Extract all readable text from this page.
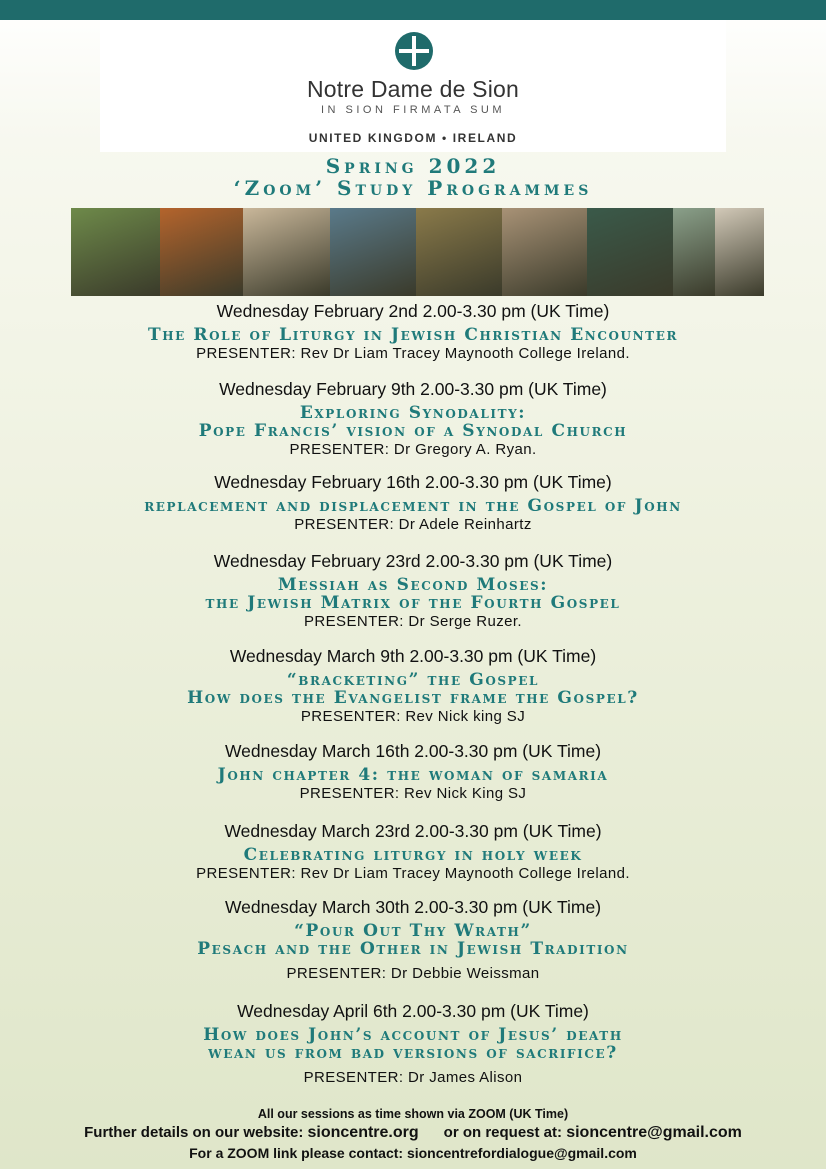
Notre Dame de Sion
IN SION FIRMATA SUM
UNITED KINGDOM • IRELAND
Spring 2022
‘Zoom’ Study Programmes
Wednesday February 2nd 2.00-3.30 pm (UK Time)
The Role of Liturgy in Jewish Christian Encounter
PRESENTER: Rev Dr Liam Tracey Maynooth College Ireland.
Wednesday February 9th 2.00-3.30 pm (UK Time)
Exploring Synodality:
Pope Francis’ vision of a Synodal Church
PRESENTER: Dr Gregory A. Ryan.
Wednesday February 16th 2.00-3.30 pm (UK Time)
replacement and displacement in the Gospel of John
PRESENTER: Dr Adele Reinhartz
Wednesday February 23rd 2.00-3.30 pm (UK Time)
Messiah as Second Moses:
the Jewish Matrix of the Fourth Gospel
PRESENTER: Dr Serge Ruzer.
Wednesday March 9th 2.00-3.30 pm (UK Time)
“bracketing” the Gospel
How does the Evangelist frame the Gospel?
PRESENTER: Rev Nick king SJ
Wednesday March 16th 2.00-3.30 pm (UK Time)
John chapter 4: the woman of samaria
PRESENTER: Rev Nick King SJ
Wednesday March 23rd 2.00-3.30 pm (UK Time)
Celebrating liturgy in holy week
PRESENTER: Rev Dr Liam Tracey Maynooth College Ireland.
Wednesday March 30th 2.00-3.30 pm (UK Time)
“Pour Out Thy Wrath”
Pesach and the Other in Jewish Tradition
PRESENTER: Dr Debbie Weissman
Wednesday April 6th 2.00-3.30 pm (UK Time)
How does John’s account of Jesus’ death
wean us from bad versions of sacrifice?
PRESENTER: Dr James Alison
All our sessions as time shown via ZOOM (UK Time)
Further details on our website: sioncentre.org or on request at: sioncentre@gmail.com
For a ZOOM link please contact: sioncentrefordialogue@gmail.com
